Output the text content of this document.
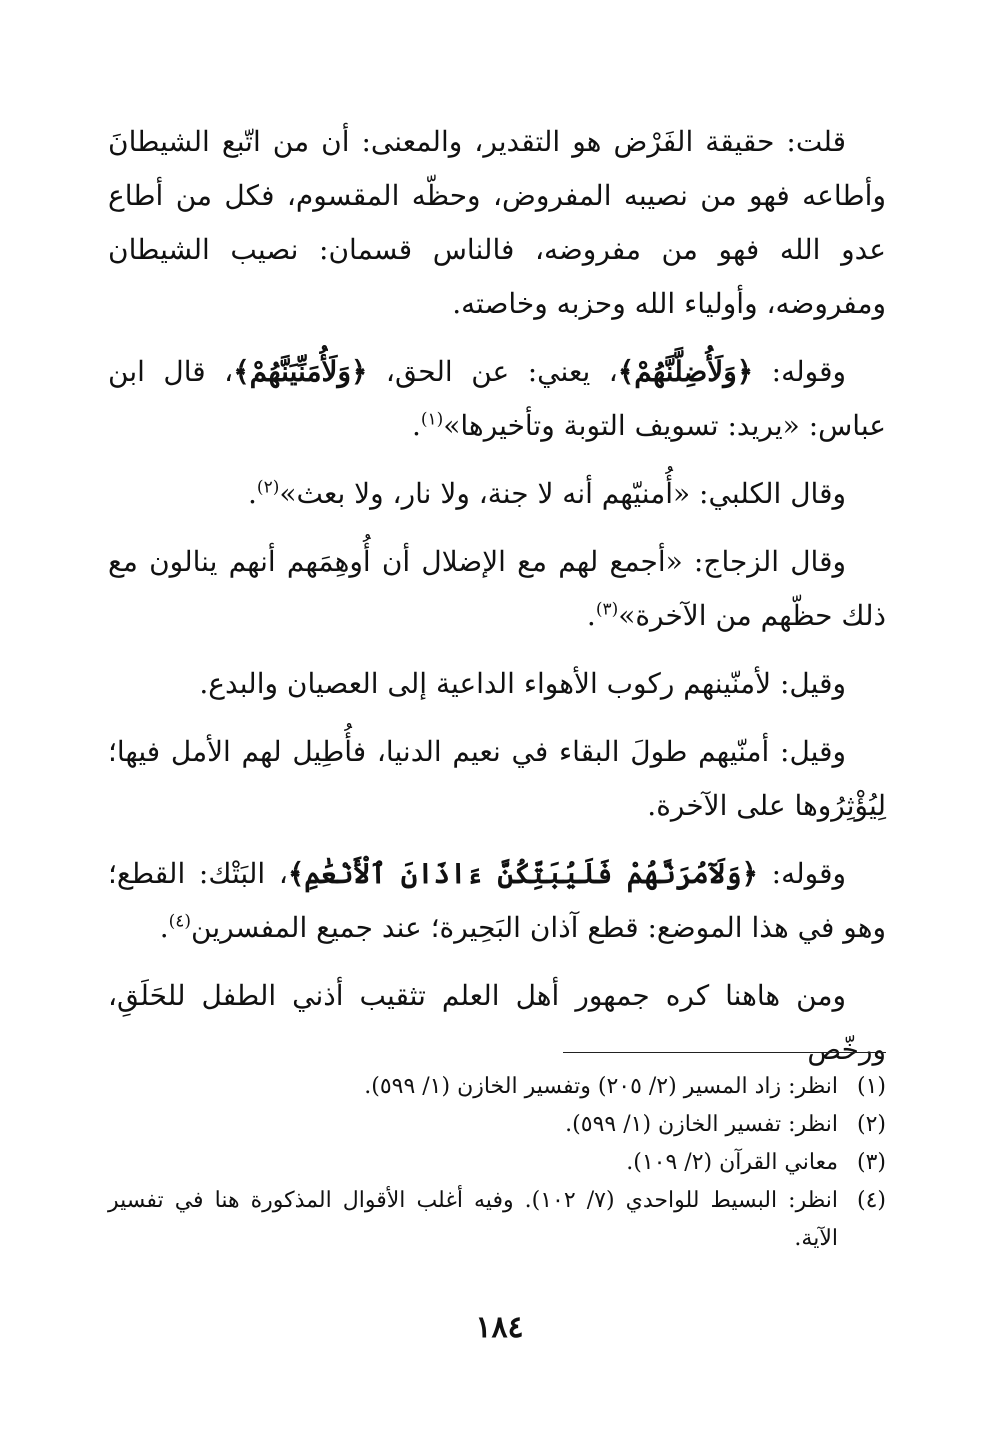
قلت: حقيقة الفَرْض هو التقدير، والمعنى: أن من اتّبع الشيطانَ وأطاعه فهو من نصيبه المفروض، وحظّه المقسوم، فكل من أطاع عدو الله فهو من مفروضه، فالناس قسمان: نصيب الشيطان ومفروضه، وأولياء الله وحزبه وخاصته.

وقوله: ﴿وَلَأُضِلَّنَّهُمْ﴾، يعني: عن الحق، ﴿وَلَأُمَنِّيَنَّهُمْ﴾، قال ابن عباس: «يريد: تسويف التوبة وتأخيرها»$^{(١)}$.

وقال الكلبي: «أُمنيّهم أنه لا جنة، ولا نار، ولا بعث»$^{(٢)}$.

وقال الزجاج: «أجمع لهم مع الإضلال أن أُوهِمَهم أنهم ينالون مع ذلك حظّهم من الآخرة»$^{(٣)}$.

وقيل: لأمنّينهم ركوب الأهواء الداعية إلى العصيان والبدع.

وقيل: أمنّيهم طولَ البقاء في نعيم الدنيا، فأُطِيل لهم الأمل فيها؛ لِيُؤْثِرُوها على الآخرة.

وقوله: ﴿وَلَآمُرَنَّهُمْ فَلَيُبَتِّكُنَّ ءَاذَانَ ٱلْأَنْعَٰمِ﴾، البَتْك: القطع؛ وهو في هذا الموضع: قطع آذان البَحِيرة؛ عند جميع المفسرين$^{(٤)}$.

ومن هاهنا كره جمهور أهل العلم تثقيب أذني الطفل للحَلَقِ، ورخّص

(١)
انظر: زاد المسير (٢/ ٢٠٥) وتفسير الخازن (١/ ٥٩٩).
(٢)
انظر: تفسير الخازن (١/ ٥٩٩).
(٣)
معاني القرآن (٢/ ١٠٩).
(٤)
انظر: البسيط للواحدي (٧/ ١٠٢). وفيه أغلب الأقوال المذكورة هنا في تفسير الآية.
١٨٤
